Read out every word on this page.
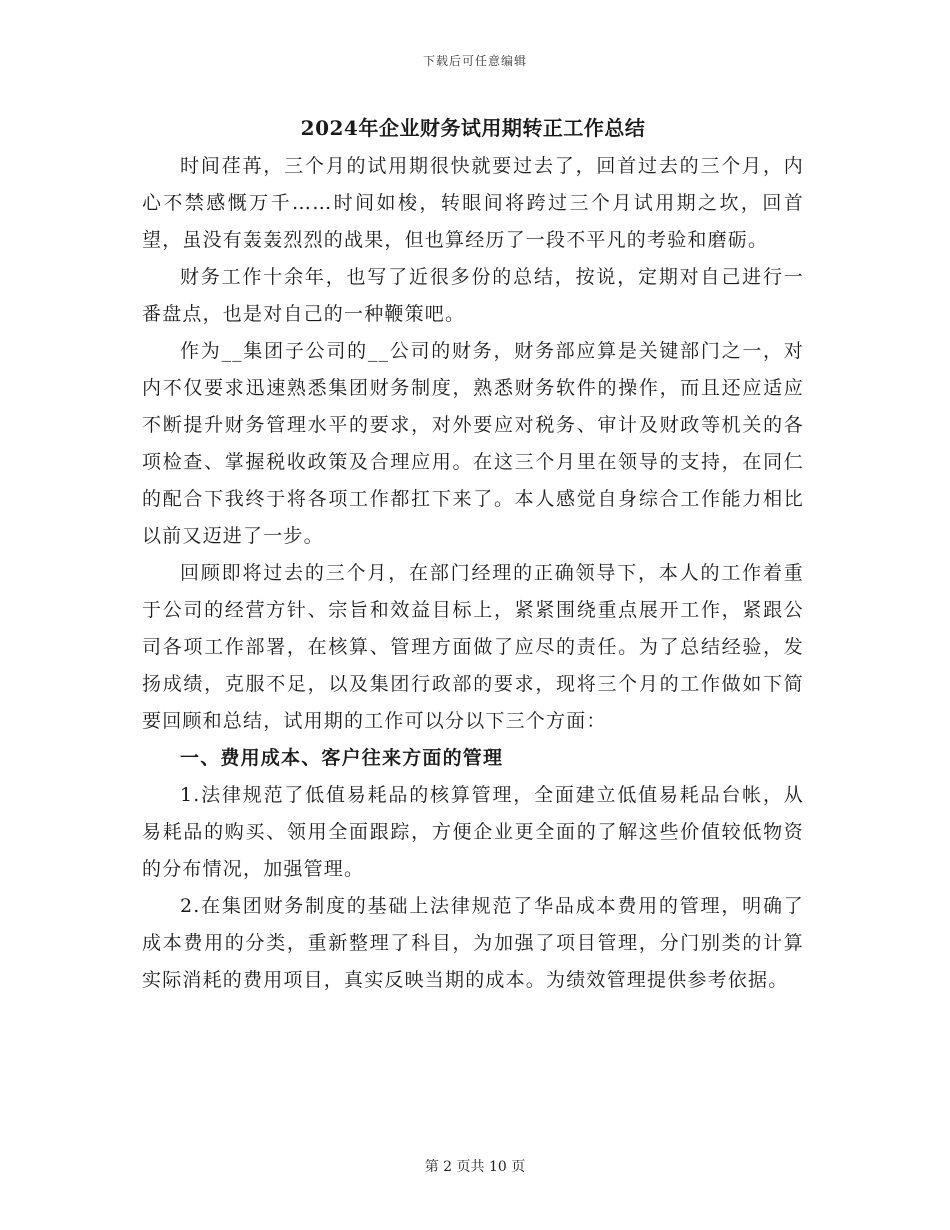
下载后可任意编辑
2024年企业财务试用期转正工作总结

时间荏苒，三个月的试用期很快就要过去了，回首过去的三个月，内心不禁感慨万千……时间如梭，转眼间将跨过三个月试用期之坎，回首望，虽没有轰轰烈烈的战果，但也算经历了一段不平凡的考验和磨砺。

财务工作十余年，也写了近很多份的总结，按说，定期对自己进行一番盘点，也是对自己的一种鞭策吧。

作为__集团子公司的__公司的财务，财务部应算是关键部门之一，对内不仅要求迅速熟悉集团财务制度，熟悉财务软件的操作，而且还应适应不断提升财务管理水平的要求，对外要应对税务、审计及财政等机关的各项检查、掌握税收政策及合理应用。在这三个月里在领导的支持，在同仁的配合下我终于将各项工作都扛下来了。本人感觉自身综合工作能力相比以前又迈进了一步。

回顾即将过去的三个月，在部门经理的正确领导下，本人的工作着重于公司的经营方针、宗旨和效益目标上，紧紧围绕重点展开工作，紧跟公司各项工作部署，在核算、管理方面做了应尽的责任。为了总结经验，发扬成绩，克服不足，以及集团行政部的要求，现将三个月的工作做如下简要回顾和总结，试用期的工作可以分以下三个方面：

一、费用成本、客户往来方面的管理

1.法律规范了低值易耗品的核算管理，全面建立低值易耗品台帐，从易耗品的购买、领用全面跟踪，方便企业更全面的了解这些价值较低物资的分布情况，加强管理。

2.在集团财务制度的基础上法律规范了华品成本费用的管理，明确了成本费用的分类，重新整理了科目，为加强了项目管理，分门别类的计算实际消耗的费用项目，真实反映当期的成本。为绩效管理提供参考依据。

第 2 页共 10 页
